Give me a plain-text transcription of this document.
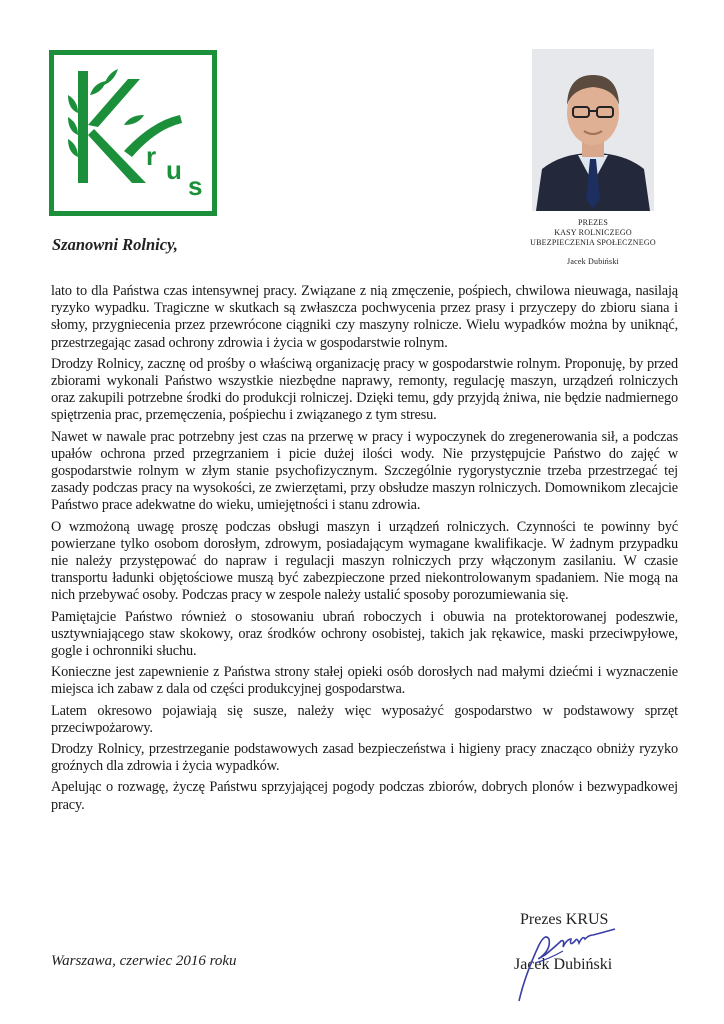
r u
s
PREZES
KASY ROLNICZEGO
UBEZPIECZENIA SPOŁECZNEGO
Jacek Dubiński
Szanowni Rolnicy,

lato to dla Państwa czas intensywnej pracy. Związane z nią zmęczenie, pośpiech, chwilowa nieuwaga, nasilają ryzyko wypadku. Tragiczne w skutkach są zwłaszcza pochwycenia przez prasy i przyczepy do zbioru siana i słomy, przygniecenia przez przewrócone ciągniki czy maszyny rolnicze. Wielu wypadków można by uniknąć, przestrzegając zasad ochrony zdrowia i życia w gospodarstwie rolnym.

Drodzy Rolnicy, zacznę od prośby o właściwą organizację pracy w gospodarstwie rolnym. Proponuję, by przed zbiorami wykonali Państwo wszystkie niezbędne naprawy, remonty, regulację maszyn, urządzeń rolniczych oraz zakupili potrzebne środki do produkcji rolniczej. Dzięki temu, gdy przyjdą żniwa, nie będzie nadmiernego spiętrzenia prac, przemęczenia, pośpiechu i związanego z tym stresu.

Nawet w nawale prac potrzebny jest czas na przerwę w pracy i wypoczynek do zregenerowania sił, a podczas upałów ochrona przed przegrzaniem i picie dużej ilości wody. Nie przystępujcie Państwo do zajęć w gospodarstwie rolnym w złym stanie psychofizycznym. Szczególnie rygorystycznie trzeba przestrzegać tej zasady podczas pracy na wysokości, ze zwierzętami, przy obsłudze maszyn rolniczych. Domownikom zlecajcie Państwo prace adekwatne do wieku, umiejętności i stanu zdrowia.

O wzmożoną uwagę proszę podczas obsługi maszyn i urządzeń rolniczych. Czynności te powinny być powierzane tylko osobom dorosłym, zdrowym, posiadającym wymagane kwalifikacje. W żadnym przypadku nie należy przystępować do napraw i regulacji maszyn rolniczych przy włączonym zasilaniu. W czasie transportu ładunki objętościowe muszą być zabezpieczone przed niekontrolowanym spadaniem. Nie mogą na nich przebywać osoby. Podczas pracy w zespole należy ustalić sposoby porozumiewania się.

Pamiętajcie Państwo również o stosowaniu ubrań roboczych i obuwia na protektorowanej podeszwie, usztywniającego staw skokowy, oraz środków ochrony osobistej, takich jak rękawice, maski przeciwpyłowe, gogle i ochronniki słuchu.

Konieczne jest zapewnienie z Państwa strony stałej opieki osób dorosłych nad małymi dziećmi i wyznaczenie miejsca ich zabaw z dala od części produkcyjnej gospodarstwa.

Latem okresowo pojawiają się susze, należy więc wyposażyć gospodarstwo w podstawowy sprzęt przeciwpożarowy.

Drodzy Rolnicy, przestrzeganie podstawowych zasad bezpieczeństwa i higieny pracy znacząco obniży ryzyko groźnych dla zdrowia i życia wypadków.

Apelując o rozwagę, życzę Państwu sprzyjającej pogody podczas zbiorów, dobrych plonów i bezwypadkowej pracy.

Warszawa, czerwiec 2016 roku
Prezes KRUS
Jacek Dubiński
